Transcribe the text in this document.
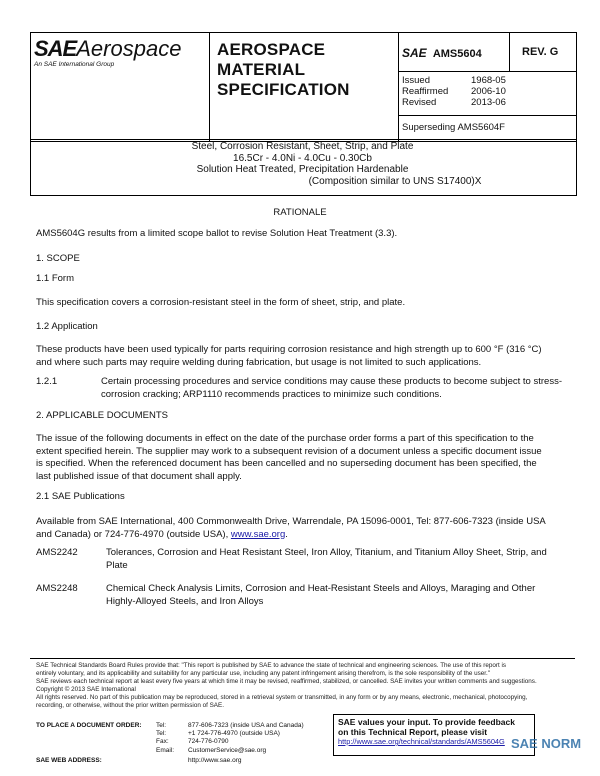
SAEAerospace
An SAE International Group
AEROSPACE
MATERIAL
SPECIFICATION
SAE AMS5604	REV. G
Issued	1968-05
Reaffirmed 2006-10
Revised	2013-06
Superseding AMS5604F
Steel, Corrosion Resistant, Sheet, Strip, and Plate
16.5Cr - 4.0Ni - 4.0Cu - 0.30Cb
Solution Heat Treated, Precipitation Hardenable
(Composition similar to UNS S17400)X
RATIONALE
AMS5604G results from a limited scope ballot to revise Solution Heat Treatment (3.3).
1. SCOPE
1.1 Form
This specification covers a corrosion-resistant steel in the form of sheet, strip, and plate.
1.2 Application
These products have been used typically for parts requiring corrosion resistance and high strength up to 600 °F (316 °C)
and where such parts may require welding during fabrication, but usage is not limited to such applications.
1.2.1	Certain processing procedures and service conditions may cause these products to become subject to stress-
corrosion cracking; ARP1110 recommends practices to minimize such conditions.
2. APPLICABLE DOCUMENTS
The issue of the following documents in effect on the date of the purchase order forms a part of this specification to the
extent specified herein. The supplier may work to a subsequent revision of a document unless a specific document issue
is specified. When the referenced document has been cancelled and no superseding document has been specified, the
last published issue of that document shall apply.
2.1 SAE Publications
Available from SAE International, 400 Commonwealth Drive, Warrendale, PA 15096-0001, Tel: 877-606-7323 (inside USA
and Canada) or 724-776-4970 (outside USA), www.sae.org.
AMS2242	Tolerances, Corrosion and Heat Resistant Steel, Iron Alloy, Titanium, and Titanium Alloy Sheet, Strip, and
Plate
AMS2248	Chemical Check Analysis Limits, Corrosion and Heat-Resistant Steels and Alloys, Maraging and Other
Highly-Alloyed Steels, and Iron Alloys
SAE Technical Standards Board Rules provide that: "This report is published by SAE to advance the state of technical and engineering sciences. The use of this report is
entirely voluntary, and its applicability and suitability for any particular use, including any patent infringement arising therefrom, is the sole responsibility of the user."
SAE reviews each technical report at least every five years at which time it may be revised, reaffirmed, stabilized, or cancelled. SAE invites your written comments and suggestions.
Copyright © 2013 SAE International
All rights reserved. No part of this publication may be reproduced, stored in a retrieval system or transmitted, in any form or by any means, electronic, mechanical, photocopying,
recording, or otherwise, without the prior written permission of SAE.
TO PLACE A DOCUMENT ORDER: Tel:	877-606-7323 (inside USA and Canada)
Tel:	+1 724-776-4970 (outside USA)
Fax:	724-776-0790
Email: CustomerService@sae.org
SAE WEB ADDRESS:	http://www.sae.org
SAE values your input. To provide feedback
on this Technical Report, please visit
http://www.sae.org/technical/standards/AMS5604G SAE NORM
